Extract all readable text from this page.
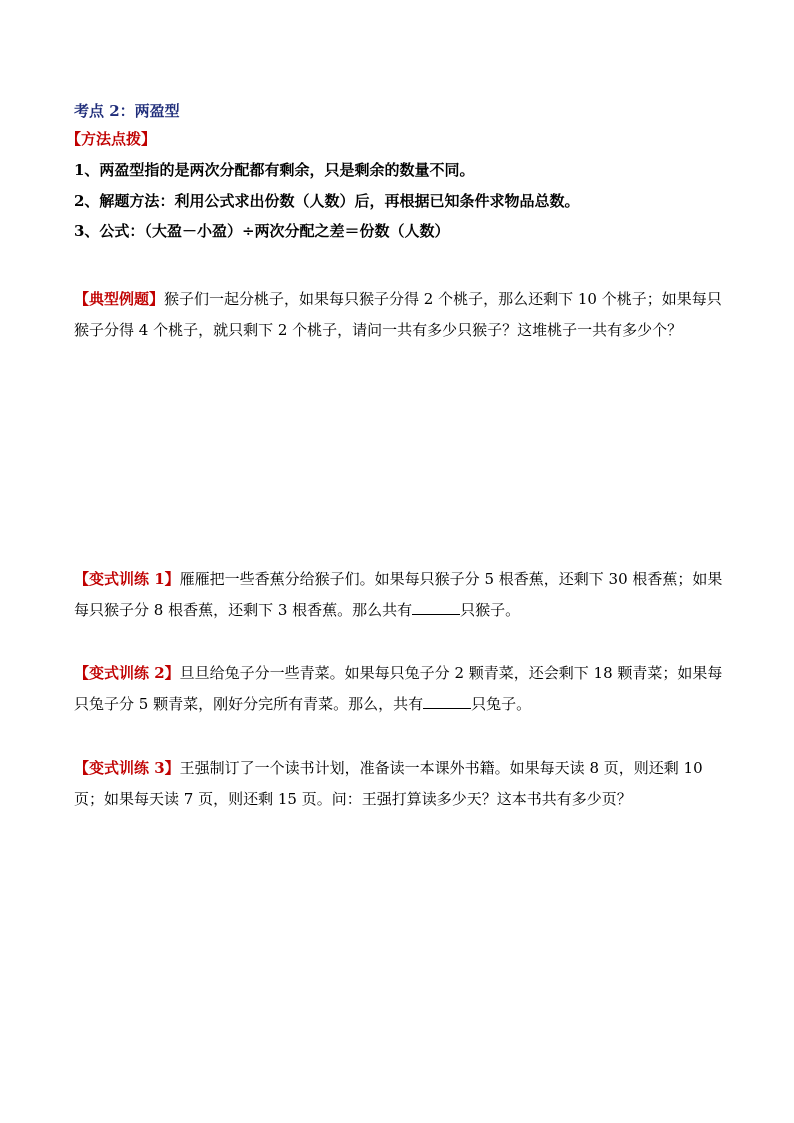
考点 2：两盈型
【方法点拨】
1、两盈型指的是两次分配都有剩余，只是剩余的数量不同。
2、解题方法：利用公式求出份数（人数）后，再根据已知条件求物品总数。
3、公式：（大盈－小盈）÷两次分配之差＝份数（人数）
【典型例题】猴子们一起分桃子，如果每只猴子分得 2 个桃子，那么还剩下 10 个桃子；如果每只猴子分得 4 个桃子，就只剩下 2 个桃子，请问一共有多少只猴子？这堆桃子一共有多少个？
【变式训练 1】雁雁把一些香蕉分给猴子们。如果每只猴子分 5 根香蕉，还剩下 30 根香蕉；如果每只猴子分 8 根香蕉，还剩下 3 根香蕉。那么共有	只猴子。
【变式训练 2】旦旦给兔子分一些青菜。如果每只兔子分 2 颗青菜，还会剩下 18 颗青菜；如果每只兔子分 5 颗青菜，刚好分完所有青菜。那么，共有	只兔子。
【变式训练 3】王强制订了一个读书计划，准备读一本课外书籍。如果每天读 8 页，则还剩 10 页；如果每天读 7 页，则还剩 15 页。问：王强打算读多少天？这本书共有多少页？
